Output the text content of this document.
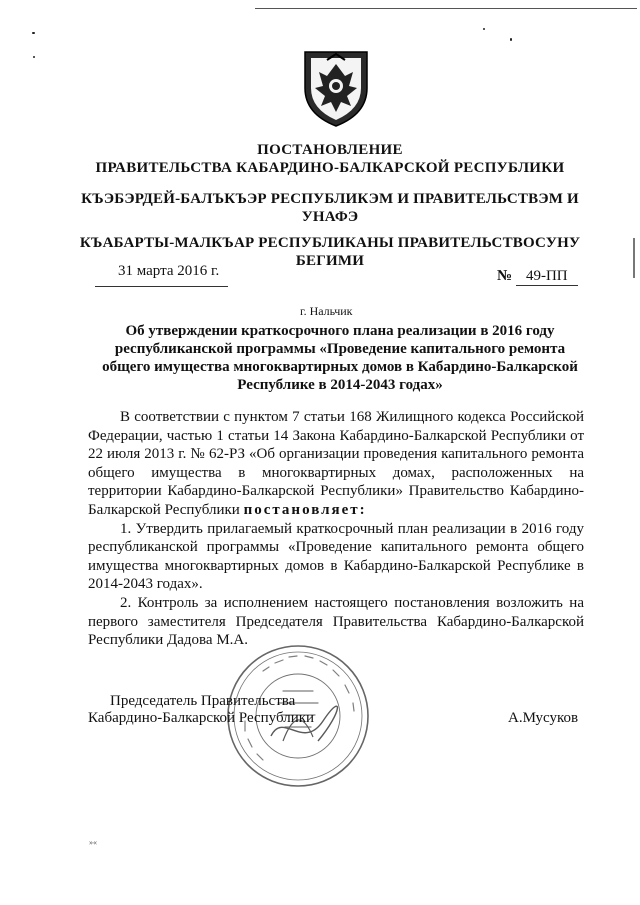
ПОСТАНОВЛЕНИЕ
ПРАВИТЕЛЬСТВА КАБАРДИНО-БАЛКАРСКОЙ РЕСПУБЛИКИ
КЪЭБЭРДЕЙ-БАЛЪКЪЭР РЕСПУБЛИКЭМ И ПРАВИТЕЛЬСТВЭМ И
УНАФЭ
КЪАБАРТЫ-МАЛКЪАР РЕСПУБЛИКАНЫ ПРАВИТЕЛЬСТВОСУНУ
БЕГИМИ
31 марта 2016 г.	№ 49-ПП
г. Нальчик
Об утверждении краткосрочного плана реализации в 2016 году
республиканской программы «Проведение капитального ремонта
общего имущества многоквартирных домов в Кабардино-Балкарской
Республике в 2014-2043 годах»

В соответствии с пунктом 7 статьи 168 Жилищного кодекса Российской Федерации, частью 1 статьи 14 Закона Кабардино-Балкарской Республики от 22 июля 2013 г. № 62-РЗ «Об организации проведения капитального ремонта общего имущества в многоквартирных домах, расположенных на территории Кабардино-Балкарской Республики» Правительство Кабардино-Балкарской Республики постановляет:

1. Утвердить прилагаемый краткосрочный план реализации в 2016 году республиканской программы «Проведение капитального ремонта общего имущества многоквартирных домов в Кабардино-Балкарской Республике в 2014-2043 годах».

2. Контроль за исполнением настоящего постановления возложить на первого заместителя Председателя Правительства Кабардино-Балкарской Республики Дадова М.А.

Председатель Правительства
Кабардино-Балкарской Республики	А.Мусуков
»«
